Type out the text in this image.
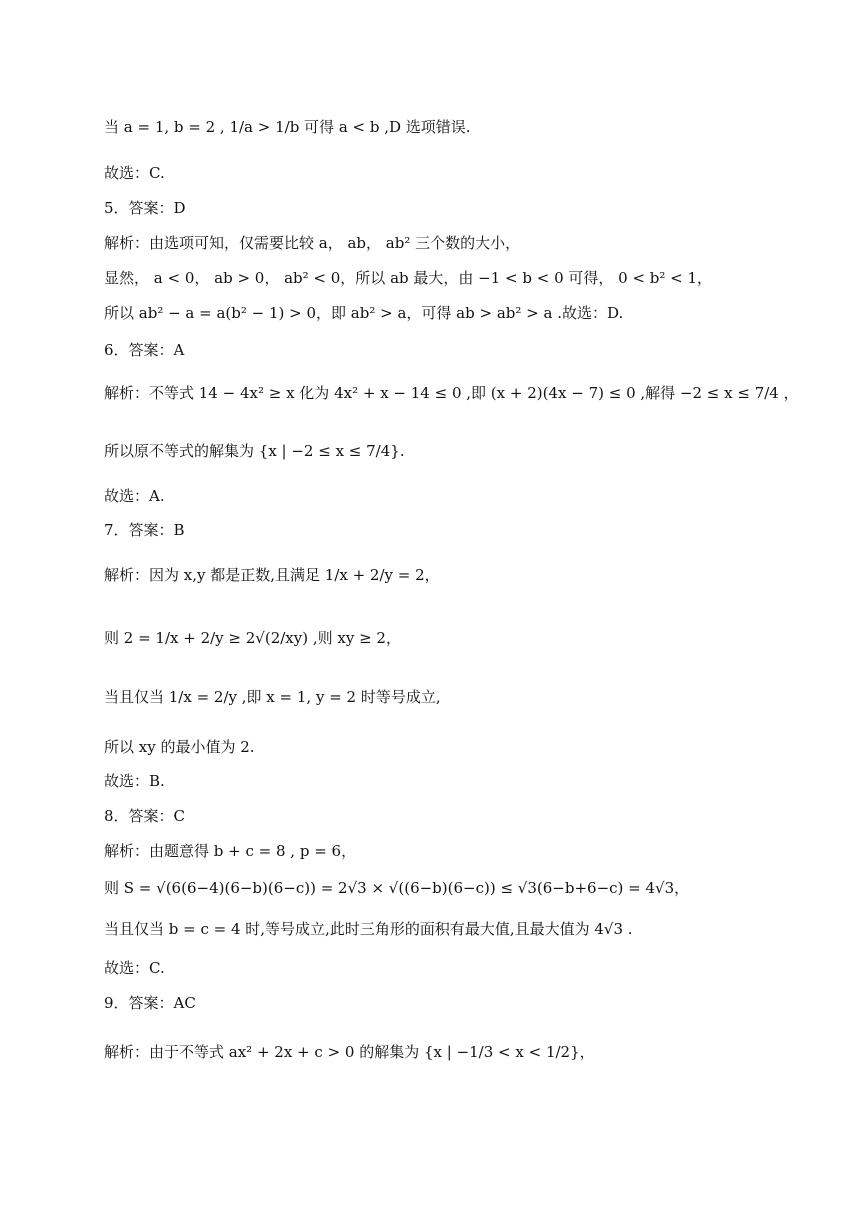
当 a = 1, b = 2 , 1/a > 1/b 可得 a < b ,D 选项错误.
故选：C.
5．答案：D
解析：由选项可知，仅需要比较 a， ab， ab² 三个数的大小，
显然， a < 0， ab > 0， ab² < 0，所以 ab 最大，由 −1 < b < 0 可得， 0 < b² < 1，
所以 ab² − a = a(b² − 1) > 0，即 ab² > a，可得 ab > ab² > a .故选：D.
6．答案：A
解析：不等式 14 − 4x² ≥ x 化为 4x² + x − 14 ≤ 0 ,即 (x + 2)(4x − 7) ≤ 0 ,解得 −2 ≤ x ≤ 7/4 ，
所以原不等式的解集为 {x | −2 ≤ x ≤ 7/4}.
故选：A.
7．答案：B
解析：因为 x,y 都是正数,且满足 1/x + 2/y = 2，
则 2 = 1/x + 2/y ≥ 2√(2/xy) ,则 xy ≥ 2，
当且仅当 1/x = 2/y ,即 x = 1, y = 2 时等号成立,
所以 xy 的最小值为 2.
故选：B.
8．答案：C
解析：由题意得 b + c = 8 , p = 6，
则 S = √(6(6−4)(6−b)(6−c)) = 2√3 × √((6−b)(6−c)) ≤ √3(6−b+6−c) = 4√3，
当且仅当 b = c = 4 时,等号成立,此时三角形的面积有最大值,且最大值为 4√3 .
故选：C.
9．答案：AC
解析：由于不等式 ax² + 2x + c > 0 的解集为 {x | −1/3 < x < 1/2}，
